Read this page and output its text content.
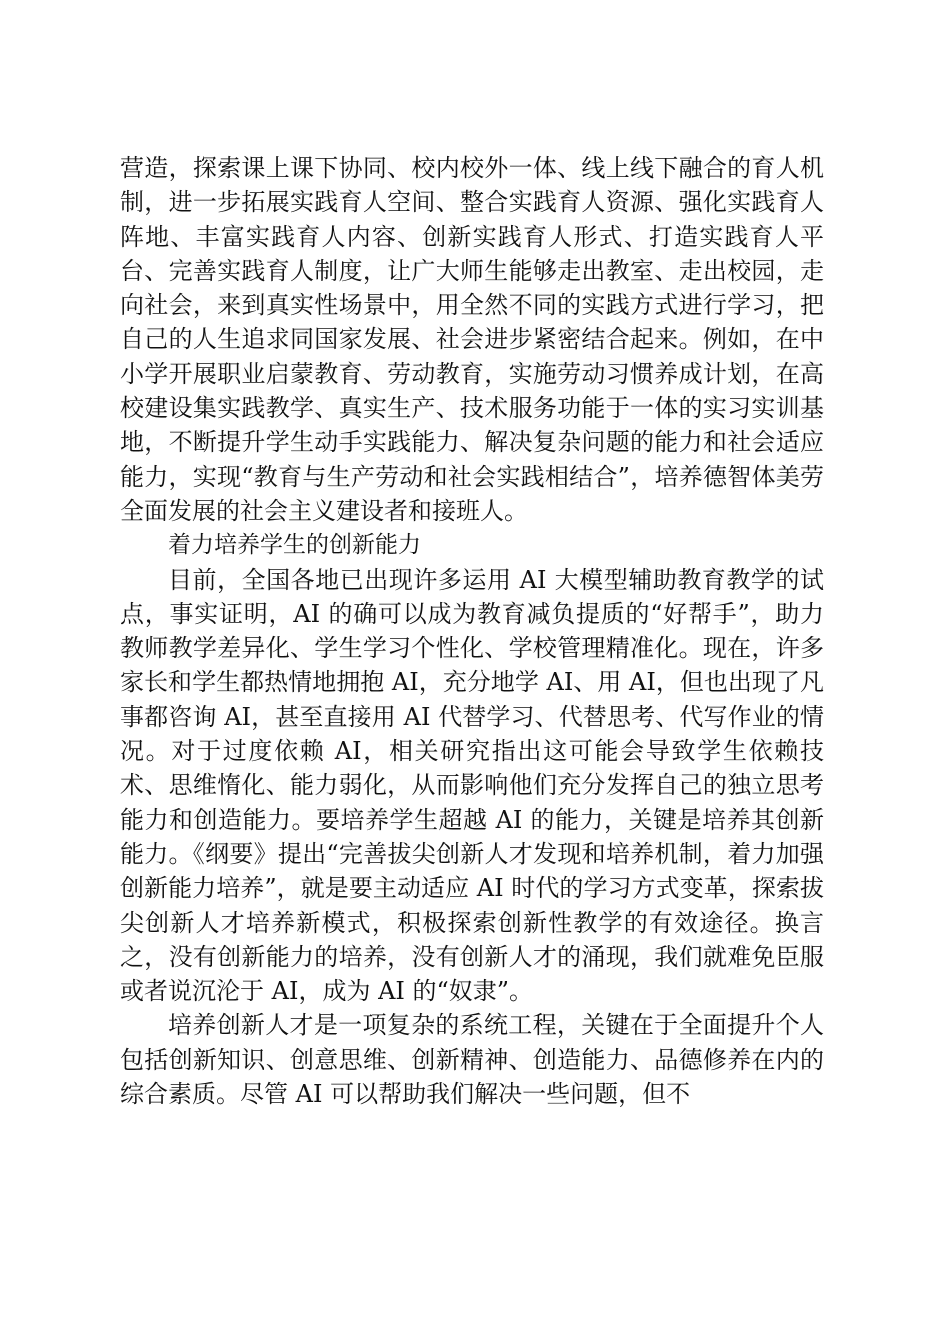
营造，探索课上课下协同、校内校外一体、线上线下融合的育人机制，进一步拓展实践育人空间、整合实践育人资源、强化实践育人阵地、丰富实践育人内容、创新实践育人形式、打造实践育人平台、完善实践育人制度，让广大师生能够走出教室、走出校园，走向社会，来到真实性场景中，用全然不同的实践方式进行学习，把自己的人生追求同国家发展、社会进步紧密结合起来。例如，在中小学开展职业启蒙教育、劳动教育，实施劳动习惯养成计划，在高校建设集实践教学、真实生产、技术服务功能于一体的实习实训基地，不断提升学生动手实践能力、解决复杂问题的能力和社会适应能力，实现“教育与生产劳动和社会实践相结合”，培养德智体美劳全面发展的社会主义建设者和接班人。

着力培养学生的创新能力

目前，全国各地已出现许多运用 AI 大模型辅助教育教学的试点，事实证明，AI 的确可以成为教育减负提质的“好帮手”，助力教师教学差异化、学生学习个性化、学校管理精准化。现在，许多家长和学生都热情地拥抱 AI，充分地学 AI、用 AI，但也出现了凡事都咨询 AI，甚至直接用 AI 代替学习、代替思考、代写作业的情况。对于过度依赖 AI，相关研究指出这可能会导致学生依赖技术、思维惰化、能力弱化，从而影响他们充分发挥自己的独立思考能力和创造能力。要培养学生超越 AI 的能力，关键是培养其创新能力。《纲要》提出“完善拔尖创新人才发现和培养机制，着力加强创新能力培养”，就是要主动适应 AI 时代的学习方式变革，探索拔尖创新人才培养新模式，积极探索创新性教学的有效途径。换言之，没有创新能力的培养，没有创新人才的涌现，我们就难免臣服或者说沉沦于 AI，成为 AI 的“奴隶”。

培养创新人才是一项复杂的系统工程，关键在于全面提升个人包括创新知识、创意思维、创新精神、创造能力、品德修养在内的综合素质。尽管 AI 可以帮助我们解决一些问题，但不
